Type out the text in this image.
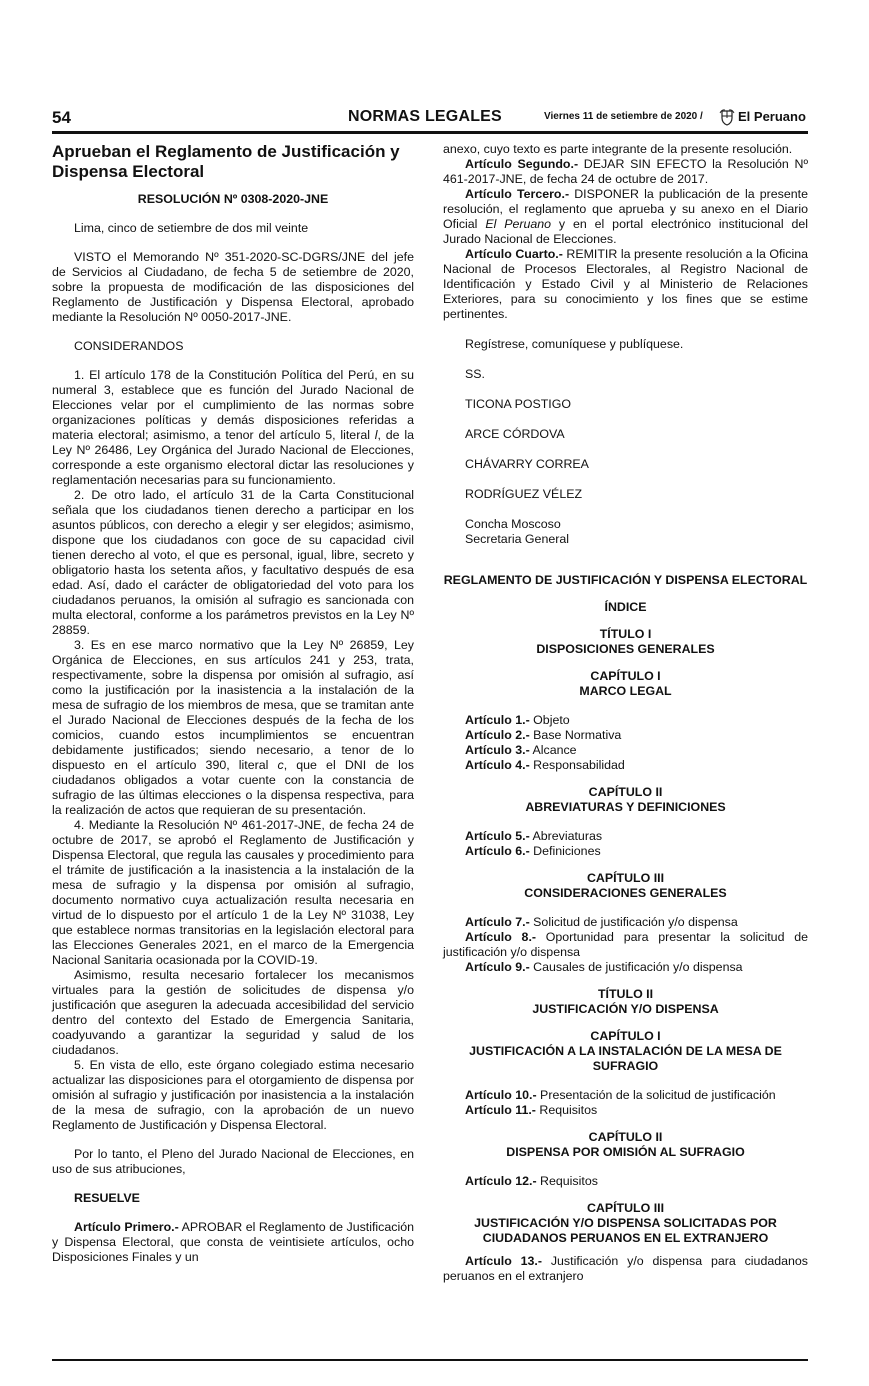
54	NORMAS LEGALES	Viernes 11 de setiembre de 2020 /	El Peruano

Aprueban el Reglamento de Justificación y Dispensa Electoral

RESOLUCIÓN Nº 0308-2020-JNE

Lima, cinco de setiembre de dos mil veinte

VISTO el Memorando Nº 351-2020-SC-DGRS/JNE del jefe de Servicios al Ciudadano, de fecha 5 de setiembre de 2020, sobre la propuesta de modificación de las disposiciones del Reglamento de Justificación y Dispensa Electoral, aprobado mediante la Resolución Nº 0050-2017-JNE.

CONSIDERANDOS

1. El artículo 178 de la Constitución Política del Perú, en su numeral 3, establece que es función del Jurado Nacional de Elecciones velar por el cumplimiento de las normas sobre organizaciones políticas y demás disposiciones referidas a materia electoral; asimismo, a tenor del artículo 5, literal l, de la Ley Nº 26486, Ley Orgánica del Jurado Nacional de Elecciones, corresponde a este organismo electoral dictar las resoluciones y reglamentación necesarias para su funcionamiento.

2. De otro lado, el artículo 31 de la Carta Constitucional señala que los ciudadanos tienen derecho a participar en los asuntos públicos, con derecho a elegir y ser elegidos; asimismo, dispone que los ciudadanos con goce de su capacidad civil tienen derecho al voto, el que es personal, igual, libre, secreto y obligatorio hasta los setenta años, y facultativo después de esa edad. Así, dado el carácter de obligatoriedad del voto para los ciudadanos peruanos, la omisión al sufragio es sancionada con multa electoral, conforme a los parámetros previstos en la Ley Nº 28859.

3. Es en ese marco normativo que la Ley Nº 26859, Ley Orgánica de Elecciones, en sus artículos 241 y 253, trata, respectivamente, sobre la dispensa por omisión al sufragio, así como la justificación por la inasistencia a la instalación de la mesa de sufragio de los miembros de mesa, que se tramitan ante el Jurado Nacional de Elecciones después de la fecha de los comicios, cuando estos incumplimientos se encuentran debidamente justificados; siendo necesario, a tenor de lo dispuesto en el artículo 390, literal c, que el DNI de los ciudadanos obligados a votar cuente con la constancia de sufragio de las últimas elecciones o la dispensa respectiva, para la realización de actos que requieran de su presentación.

4. Mediante la Resolución Nº 461-2017-JNE, de fecha 24 de octubre de 2017, se aprobó el Reglamento de Justificación y Dispensa Electoral, que regula las causales y procedimiento para el trámite de justificación a la inasistencia a la instalación de la mesa de sufragio y la dispensa por omisión al sufragio, documento normativo cuya actualización resulta necesaria en virtud de lo dispuesto por el artículo 1 de la Ley Nº 31038, Ley que establece normas transitorias en la legislación electoral para las Elecciones Generales 2021, en el marco de la Emergencia Nacional Sanitaria ocasionada por la COVID-19.

Asimismo, resulta necesario fortalecer los mecanismos virtuales para la gestión de solicitudes de dispensa y/o justificación que aseguren la adecuada accesibilidad del servicio dentro del contexto del Estado de Emergencia Sanitaria, coadyuvando a garantizar la seguridad y salud de los ciudadanos.

5. En vista de ello, este órgano colegiado estima necesario actualizar las disposiciones para el otorgamiento de dispensa por omisión al sufragio y justificación por inasistencia a la instalación de la mesa de sufragio, con la aprobación de un nuevo Reglamento de Justificación y Dispensa Electoral.

Por lo tanto, el Pleno del Jurado Nacional de Elecciones, en uso de sus atribuciones,

RESUELVE

Artículo Primero.- APROBAR el Reglamento de Justificación y Dispensa Electoral, que consta de veintisiete artículos, ocho Disposiciones Finales y un

anexo, cuyo texto es parte integrante de la presente resolución.

Artículo Segundo.- DEJAR SIN EFECTO la Resolución Nº 461-2017-JNE, de fecha 24 de octubre de 2017.

Artículo Tercero.- DISPONER la publicación de la presente resolución, el reglamento que aprueba y su anexo en el Diario Oficial El Peruano y en el portal electrónico institucional del Jurado Nacional de Elecciones.

Artículo Cuarto.- REMITIR la presente resolución a la Oficina Nacional de Procesos Electorales, al Registro Nacional de Identificación y Estado Civil y al Ministerio de Relaciones Exteriores, para su conocimiento y los fines que se estime pertinentes.

Regístrese, comuníquese y publíquese.

SS.

TICONA POSTIGO

ARCE CÓRDOVA

CHÁVARRY CORREA

RODRÍGUEZ VÉLEZ

Concha Moscoso

Secretaria General

REGLAMENTO DE JUSTIFICACIÓN Y DISPENSA ELECTORAL

ÍNDICE

TÍTULO I

DISPOSICIONES GENERALES

CAPÍTULO I

MARCO LEGAL

Artículo 1.- Objeto

Artículo 2.- Base Normativa

Artículo 3.- Alcance

Artículo 4.- Responsabilidad

CAPÍTULO II

ABREVIATURAS Y DEFINICIONES

Artículo 5.- Abreviaturas

Artículo 6.- Definiciones

CAPÍTULO III

CONSIDERACIONES GENERALES

Artículo 7.- Solicitud de justificación y/o dispensa

Artículo 8.- Oportunidad para presentar la solicitud de justificación y/o dispensa

Artículo 9.- Causales de justificación y/o dispensa

TÍTULO II

JUSTIFICACIÓN Y/O DISPENSA

CAPÍTULO I

JUSTIFICACIÓN A LA INSTALACIÓN DE LA MESA DE SUFRAGIO

Artículo 10.- Presentación de la solicitud de justificación

Artículo 11.- Requisitos

CAPÍTULO II

DISPENSA POR OMISIÓN AL SUFRAGIO

Artículo 12.- Requisitos

CAPÍTULO III

JUSTIFICACIÓN Y/O DISPENSA SOLICITADAS POR CIUDADANOS PERUANOS EN EL EXTRANJERO

Artículo 13.- Justificación y/o dispensa para ciudadanos peruanos en el extranjero
